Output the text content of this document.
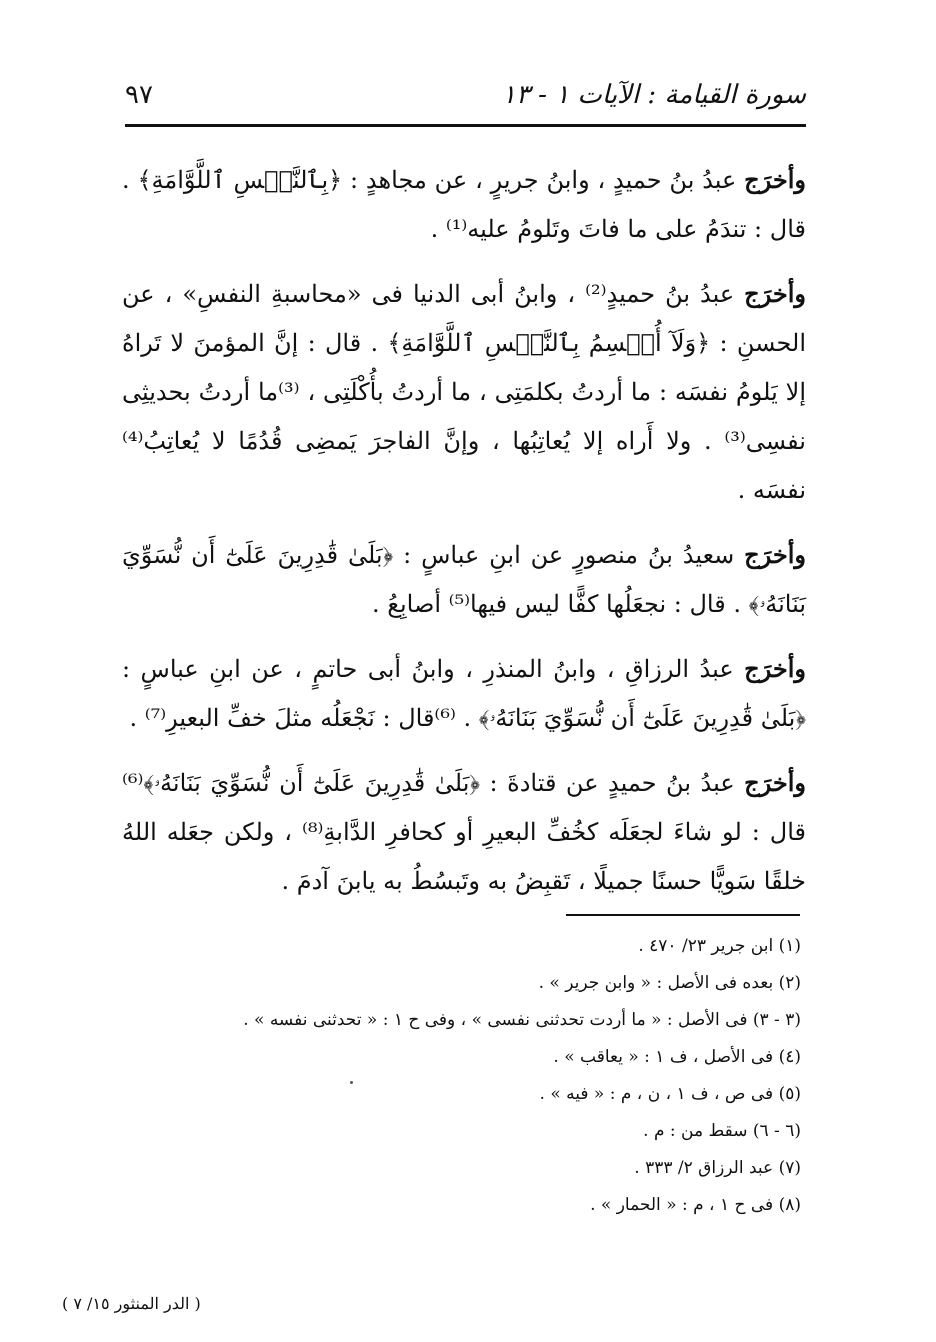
سورة القيامة : الآيات ١ - ١٣
٩٧

وأخرَج عبدُ بنُ حميدٍ ، وابنُ جريرٍ ، عن مجاهدٍ : ﴿بِٱلنَّفۡسِ ٱللَّوَّامَةِ﴾ . قال : تندَمُ على ما فاتَ وتَلومُ عليه⁽¹⁾ .

وأخرَج عبدُ بنُ حميدٍ⁽²⁾ ، وابنُ أبى الدنيا فى «محاسبةِ النفسِ» ، عن الحسنِ : ﴿وَلَآ أُقۡسِمُ بِٱلنَّفۡسِ ٱللَّوَّامَةِ﴾ . قال : إنَّ المؤمنَ لا تَراهُ إلا يَلومُ نفسَه : ما أردتُ بكلمَتِى ، ما أردتُ بأُكْلَتِى ، ⁽³⁾ما أردتُ بحديثِى نفسِى⁽³⁾ . ولا أَراه إلا يُعاتِبُها ، وإنَّ الفاجرَ يَمضِى قُدُمًا لا يُعاتِبُ⁽⁴⁾ نفسَه .

وأخرَج سعيدُ بنُ منصورٍ عن ابنِ عباسٍ : ﴿بَلَىٰ قَٰدِرِينَ عَلَىٰٓ أَن نُّسَوِّيَ بَنَانَهُۥ﴾ . قال : نجعَلُها كفًّا ليس فيها⁽⁵⁾ أصابِعُ .

وأخرَج عبدُ الرزاقِ ، وابنُ المنذرِ ، وابنُ أبى حاتمٍ ، عن ابنِ عباسٍ : ﴿بَلَىٰ قَٰدِرِينَ عَلَىٰٓ أَن نُّسَوِّيَ بَنَانَهُۥ﴾ . ⁽⁶⁾قال : نَجْعَلُه مثلَ خفِّ البعيرِ⁽⁷⁾ .

وأخرَج عبدُ بنُ حميدٍ عن قتادةَ : ﴿بَلَىٰ قَٰدِرِينَ عَلَىٰٓ أَن نُّسَوِّيَ بَنَانَهُۥ﴾⁽⁶⁾ قال : لو شاءَ لجعَلَه كخُفِّ البعيرِ أو كحافرِ الدَّابةِ⁽⁸⁾ ، ولكن جعَله اللهُ خلقًا سَويًّا حسنًا جميلًا ، تَقبِضُ به وتَبسُطُ به يابنَ آدمَ .

(١) ابن جرير ٢٣/ ٤٧٠ .

(٢) بعده فى الأصل : « وابن جرير » .

(٣ - ٣) فى الأصل : « ما أردت تحدثنى نفسى » ، وفى ح ١ : « تحدثنى نفسه » .

(٤) فى الأصل ، ف ١ : « يعاقب » .

(٥) فى ص ، ف ١ ، ن ، م : « فيه » .

(٦ - ٦) سقط من : م .

(٧) عبد الرزاق ٢/ ٣٣٣ .

(٨) فى ح ١ ، م : « الحمار » .

( الدر المنثور ١٥/ ٧ )
